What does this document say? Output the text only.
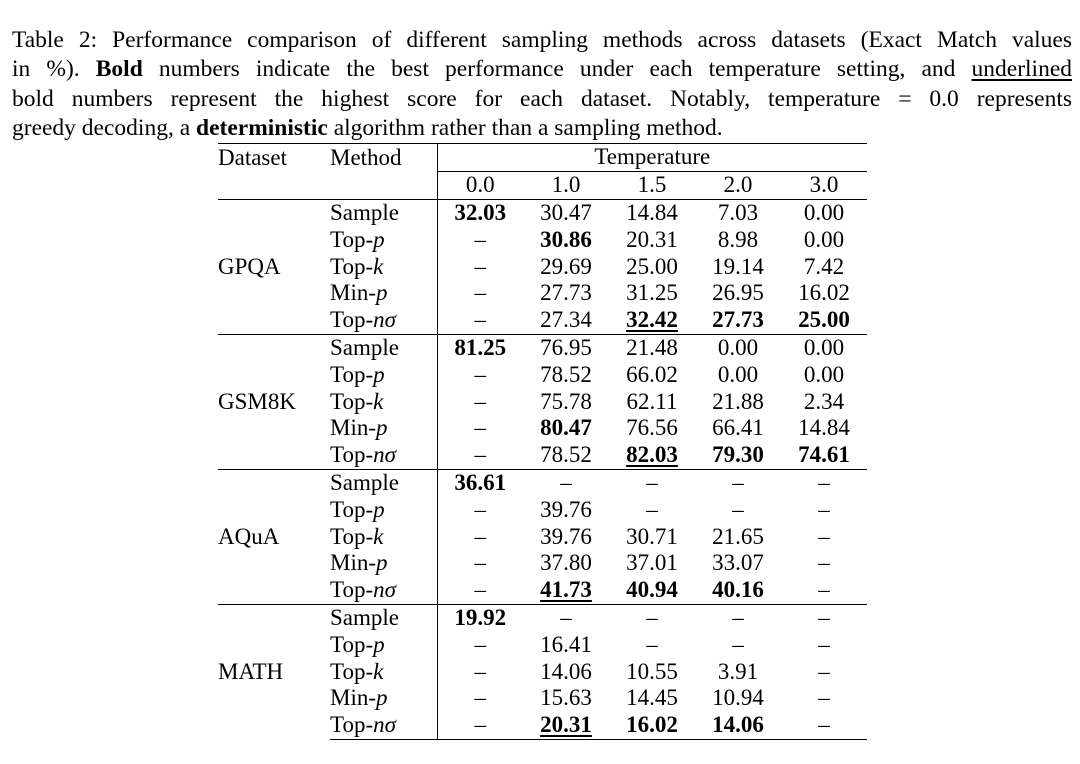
Table 2: Performance comparison of different sampling methods across datasets (Exact Match values
in %). Bold numbers indicate the best performance under each temperature setting, and underlined
bold numbers represent the highest score for each dataset. Notably, temperature = 0.0 represents
greedy decoding, a deterministic algorithm rather than a sampling method.
Dataset	Method	Temperature				
		0.0	1.0	1.5	2.0	3.0
GPQA	Sample	32.03	30.47	14.84	7.03	0.00
	Top-p	–	30.86	20.31	8.98	0.00
	Top-k	–	29.69	25.00	19.14	7.42
	Min-p	–	27.73	31.25	26.95	16.02
	Top-nσ	–	27.34	32.42	27.73	25.00
GSM8K	Sample	81.25	76.95	21.48	0.00	0.00
	Top-p	–	78.52	66.02	0.00	0.00
	Top-k	–	75.78	62.11	21.88	2.34
	Min-p	–	80.47	76.56	66.41	14.84
	Top-nσ	–	78.52	82.03	79.30	74.61
AQuA	Sample	36.61	–	–	–	–
	Top-p	–	39.76	–	–	–
	Top-k	–	39.76	30.71	21.65	–
	Min-p	–	37.80	37.01	33.07	–
	Top-nσ	–	41.73	40.94	40.16	–
MATH	Sample	19.92	–	–	–	–
	Top-p	–	16.41	–	–	–
	Top-k	–	14.06	10.55	3.91	–
	Min-p	–	15.63	14.45	10.94	–
	Top-nσ	–	20.31	16.02	14.06	–
